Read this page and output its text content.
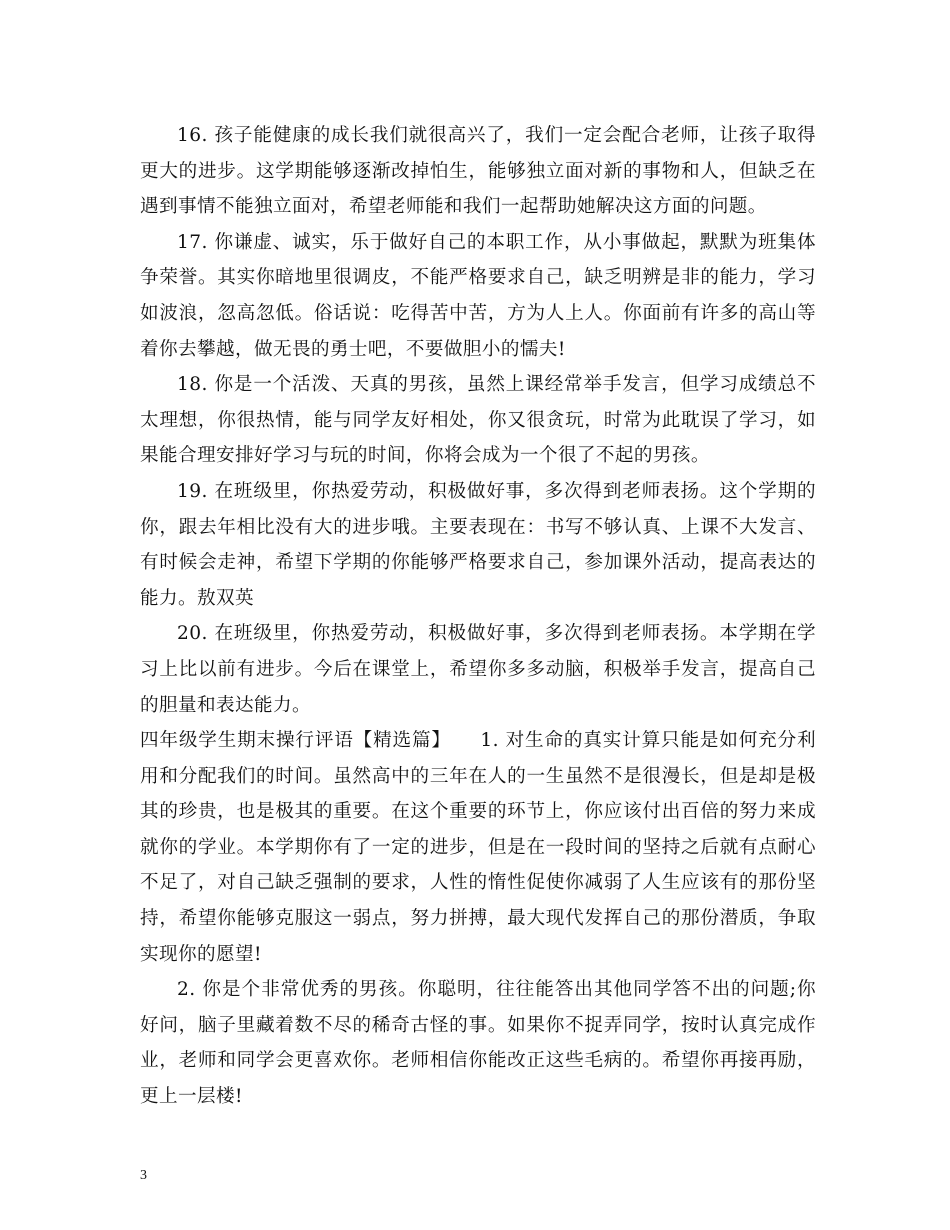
16. 孩子能健康的成长我们就很高兴了，我们一定会配合老师，让孩子取得更大的进步。这学期能够逐渐改掉怕生，能够独立面对新的事物和人，但缺乏在遇到事情不能独立面对，希望老师能和我们一起帮助她解决这方面的问题。

17. 你谦虚、诚实，乐于做好自己的本职工作，从小事做起，默默为班集体争荣誉。其实你暗地里很调皮，不能严格要求自己，缺乏明辨是非的能力，学习如波浪，忽高忽低。俗话说：吃得苦中苦，方为人上人。你面前有许多的高山等着你去攀越，做无畏的勇士吧，不要做胆小的懦夫!

18. 你是一个活泼、天真的男孩，虽然上课经常举手发言，但学习成绩总不太理想，你很热情，能与同学友好相处，你又很贪玩，时常为此耽误了学习，如果能合理安排好学习与玩的时间，你将会成为一个很了不起的男孩。

19. 在班级里，你热爱劳动，积极做好事，多次得到老师表扬。这个学期的你，跟去年相比没有大的进步哦。主要表现在：书写不够认真、上课不大发言、有时候会走神，希望下学期的你能够严格要求自己，参加课外活动，提高表达的能力。敖双英

20. 在班级里，你热爱劳动，积极做好事，多次得到老师表扬。本学期在学习上比以前有进步。今后在课堂上，希望你多多动脑，积极举手发言，提高自己的胆量和表达能力。

四年级学生期末操行评语【精选篇】　　1. 对生命的真实计算只能是如何充分利用和分配我们的时间。虽然高中的三年在人的一生虽然不是很漫长，但是却是极其的珍贵，也是极其的重要。在这个重要的环节上，你应该付出百倍的努力来成就你的学业。本学期你有了一定的进步，但是在一段时间的坚持之后就有点耐心不足了，对自己缺乏强制的要求，人性的惰性促使你减弱了人生应该有的那份坚持，希望你能够克服这一弱点，努力拼搏，最大现代发挥自己的那份潜质，争取实现你的愿望!

2. 你是个非常优秀的男孩。你聪明，往往能答出其他同学答不出的问题;你好问，脑子里藏着数不尽的稀奇古怪的事。如果你不捉弄同学，按时认真完成作业，老师和同学会更喜欢你。老师相信你能改正这些毛病的。希望你再接再励，更上一层楼!

3
